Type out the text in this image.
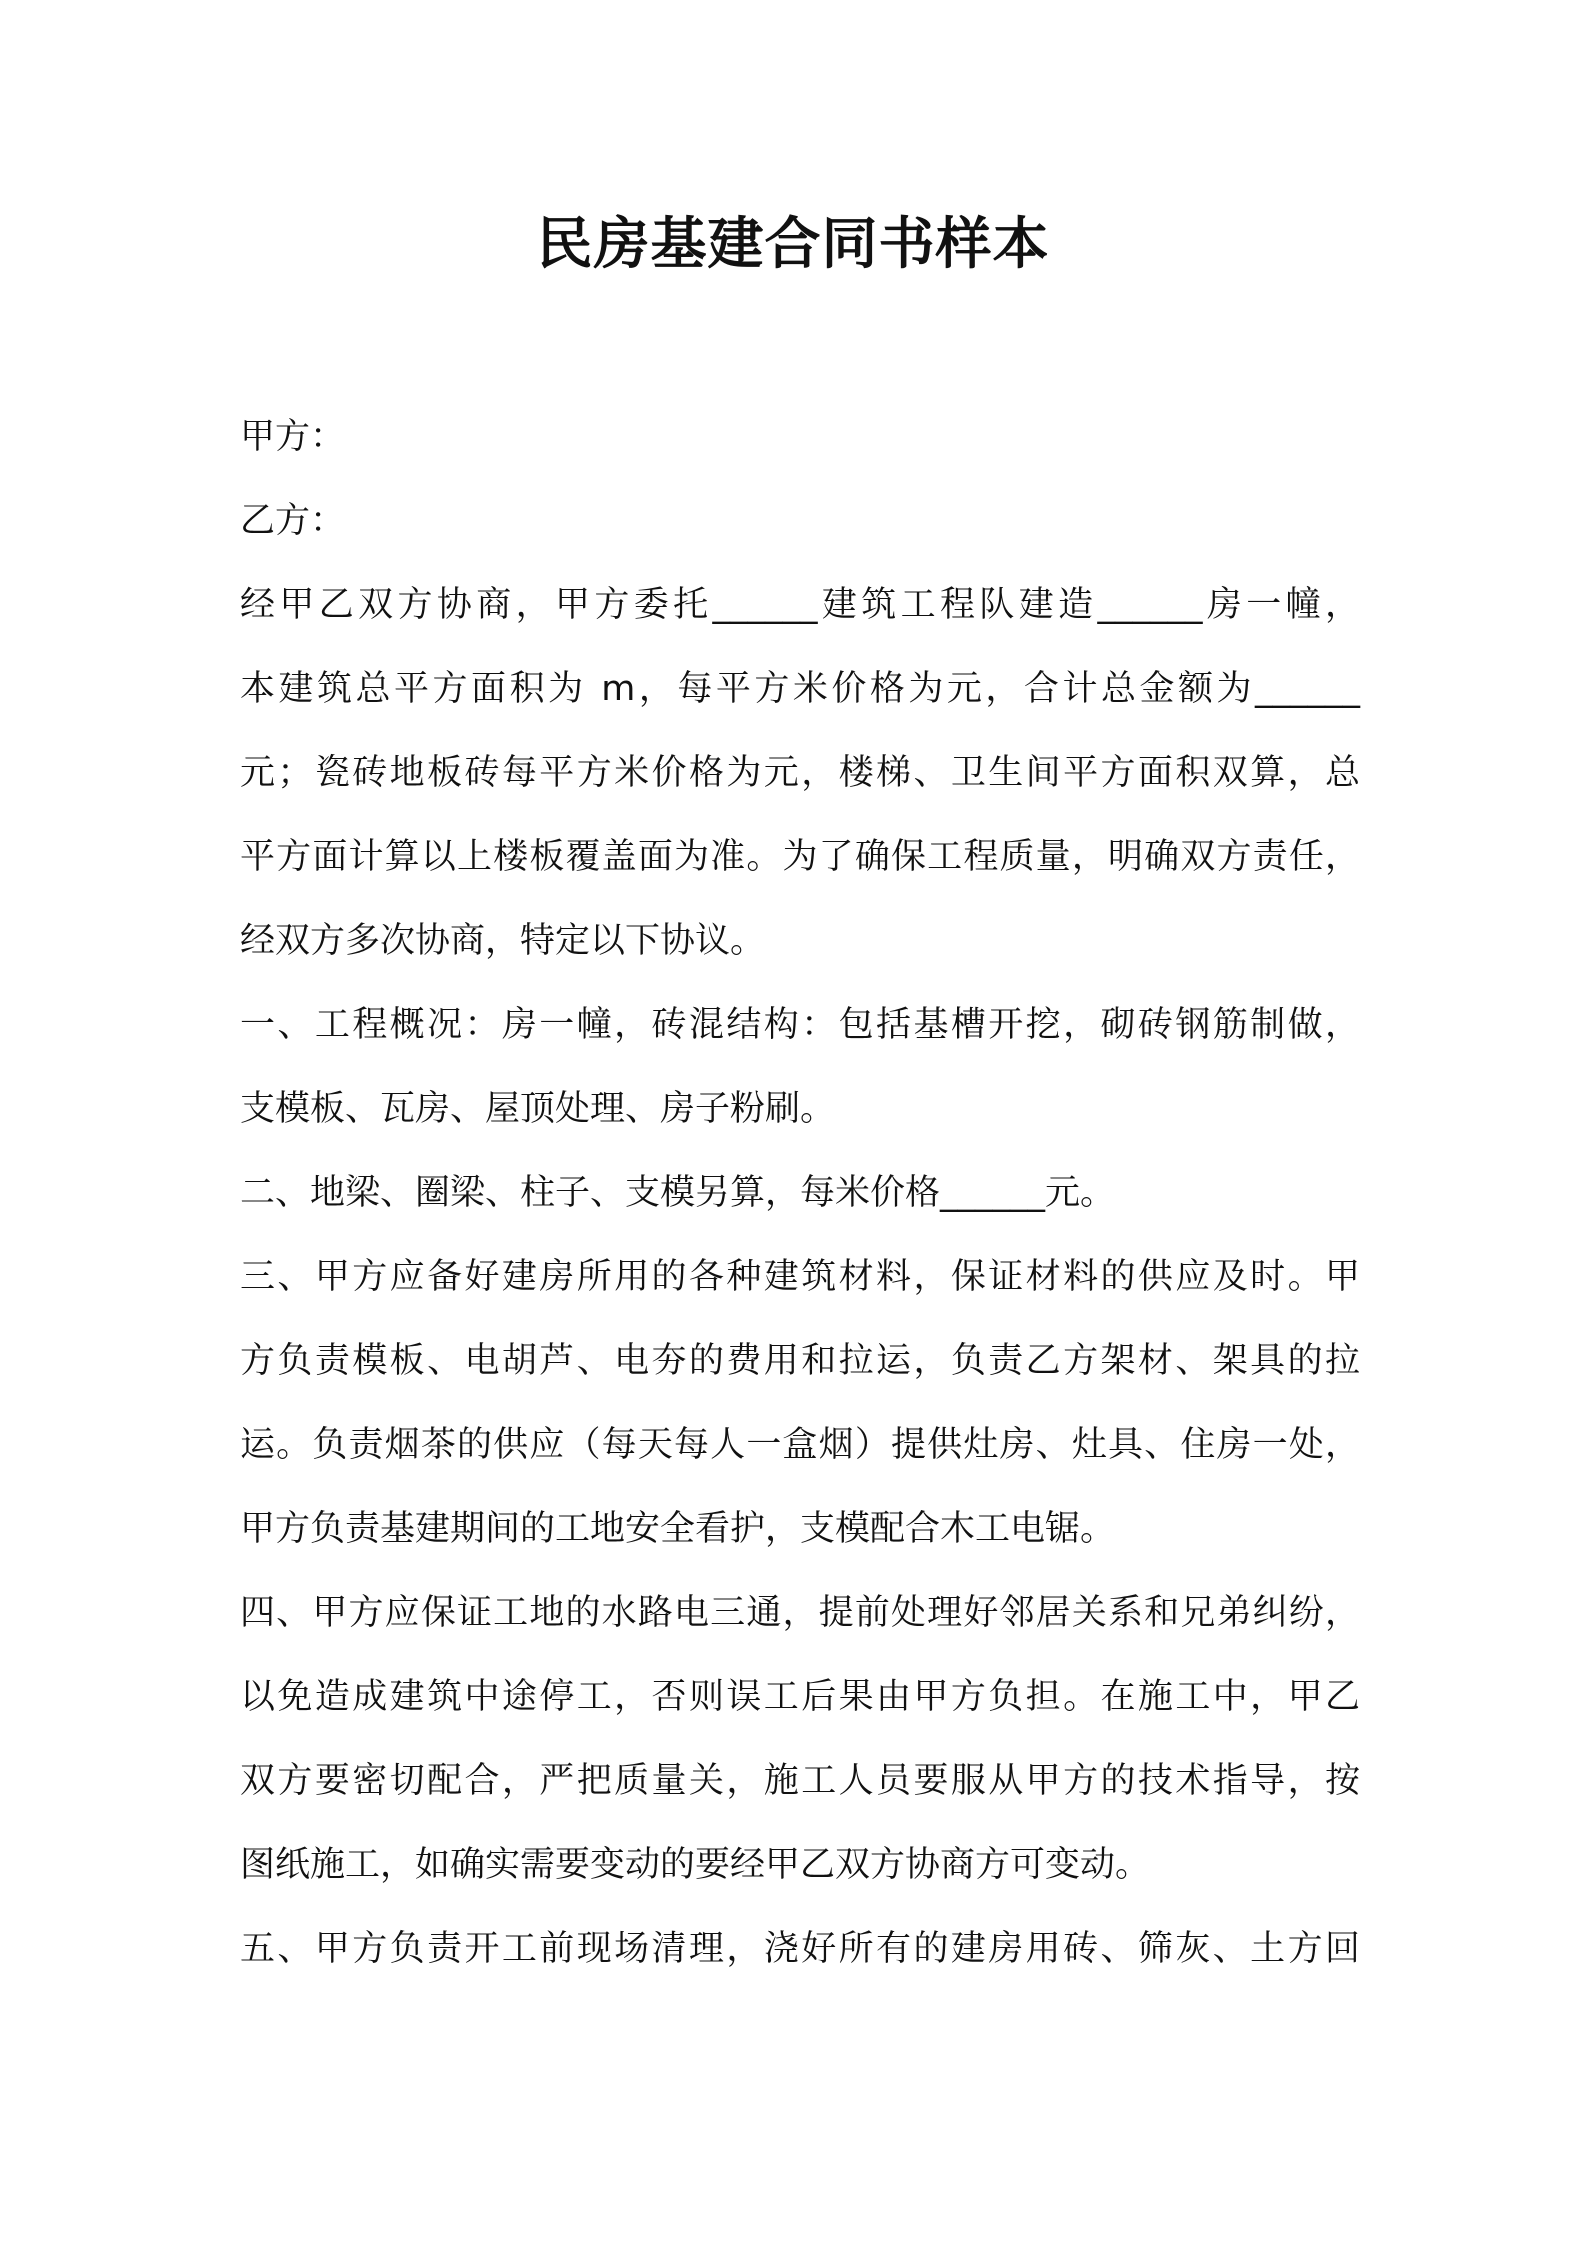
民房基建合同书样本

甲方：

乙方：

经甲乙双方协商，甲方委托______建筑工程队建造______房一幢，

本建筑总平方面积为 m，每平方米价格为元，合计总金额为______

元；瓷砖地板砖每平方米价格为元，楼梯、卫生间平方面积双算，总

平方面计算以上楼板覆盖面为准。为了确保工程质量，明确双方责任，

经双方多次协商，特定以下协议。

一、工程概况：房一幢，砖混结构：包括基槽开挖，砌砖钢筋制做，

支模板、瓦房、屋顶处理、房子粉刷。

二、地梁、圈梁、柱子、支模另算，每米价格______元。

三、甲方应备好建房所用的各种建筑材料，保证材料的供应及时。甲

方负责模板、电胡芦、电夯的费用和拉运，负责乙方架材、架具的拉

运。负责烟茶的供应（每天每人一盒烟）提供灶房、灶具、住房一处，

甲方负责基建期间的工地安全看护，支模配合木工电锯。

四、甲方应保证工地的水路电三通，提前处理好邻居关系和兄弟纠纷，

以免造成建筑中途停工，否则误工后果由甲方负担。在施工中，甲乙

双方要密切配合，严把质量关，施工人员要服从甲方的技术指导，按

图纸施工，如确实需要变动的要经甲乙双方协商方可变动。

五、甲方负责开工前现场清理，浇好所有的建房用砖、筛灰、土方回
